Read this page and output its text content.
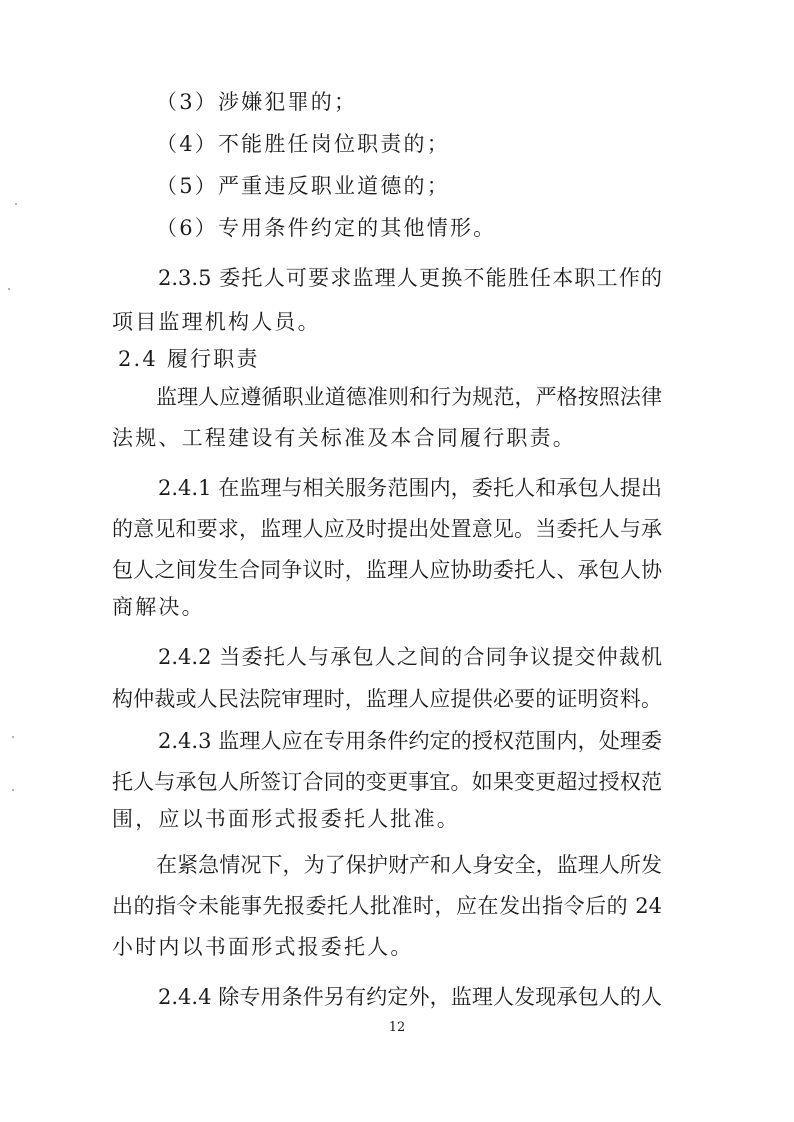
（3）涉嫌犯罪的；

（4）不能胜任岗位职责的；

（5）严重违反职业道德的；

（6）专用条件约定的其他情形。

2.3.5 委托人可要求监理人更换不能胜任本职工作的

项目监理机构人员。

2.4 履行职责

监理人应遵循职业道德准则和行为规范，严格按照法律

法规、工程建设有关标准及本合同履行职责。

2.4.1 在监理与相关服务范围内，委托人和承包人提出

的意见和要求，监理人应及时提出处置意见。当委托人与承

包人之间发生合同争议时，监理人应协助委托人、承包人协

商解决。

2.4.2 当委托人与承包人之间的合同争议提交仲裁机

构仲裁或人民法院审理时，监理人应提供必要的证明资料。

2.4.3 监理人应在专用条件约定的授权范围内，处理委

托人与承包人所签订合同的变更事宜。如果变更超过授权范

围，应以书面形式报委托人批准。

在紧急情况下，为了保护财产和人身安全，监理人所发

出的指令未能事先报委托人批准时，应在发出指令后的 24

小时内以书面形式报委托人。

2.4.4 除专用条件另有约定外，监理人发现承包人的人

12
